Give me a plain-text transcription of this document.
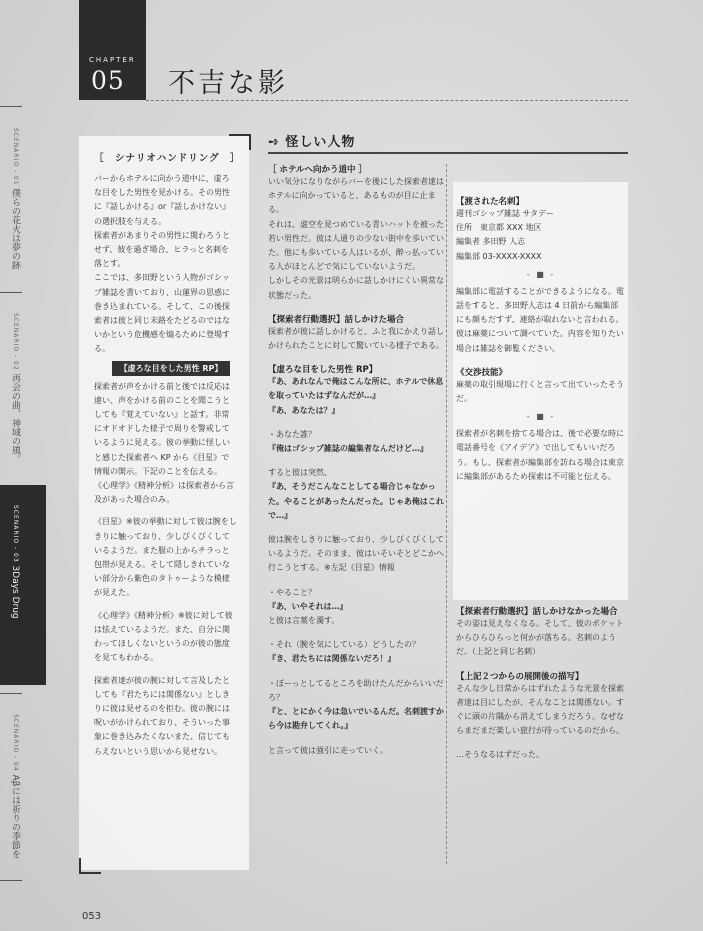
CHAPTER
05 不吉な影
SCENARIO - 01 僕らの花火は夢の跡
SCENARIO - 02 再会の曲、神域の風。
SCENARIO - 03 3Days Drug
SCENARIO - 04 Aβには祈りの季節を
［　シナリオハンドリング　］

バーからホテルに向かう道中に、虚ろな目をした男性を見かける。その男性に『話しかける』or『話しかけない』の選択肢を与える。

探索者があまりその男性に関わろうとせず、彼を過ぎ場合、ヒラっと名刺を落とす。

ここでは、多田野という人物がゴシップ雑誌を書いており、山蓮界の思惑に巻き込まれている。そして、この後探索者は彼と同じ末路をたどるのではないかという危機感を煽るために登場する。

【虚ろな目をした男性 RP】

探索者が声をかける前と後では反応は違い、声をかける前のことを聞こうとしても『覚えていない』と話す。非常にオドオドした様子で周りを警戒しているように見える。彼の挙動に怪しいと感じた探索者へ KP から《目星》で情報の開示。下記のことを伝える。

《心理学》《精神分析》は探索者から言及があった場合のみ。

《目星》※彼の挙動に対して彼は腕をしきりに触っており、少しびくびくしているようだ。また服の上からチラっと包帯が見える。そして隠しきれていない部分から紫色のタトゥーような模様が見えた。

《心理学》《精神分析》※彼に対して彼は怯えているようだ。また、自分に関わってほしくないというのが彼の態度を見てもわかる。

探索者達が彼の腕に対して言及したとしても『君たちには関係ない』としきりに彼は見せるのを拒む。彼の腕には呪いがかけられており、そういった事象に巻き込みたくないまた、信じてもらえないという思いから見せない。

➺ 怪しい人物
［ ホテルへ向かう道中 ］

いい気分になりながらバーを後にした探索者達はホテルに向かっていると、あるものが目に止まる。

それは、虚空を見つめている青いハットを被った若い男性だ。彼は人通りの少ない街中を歩いていた。他にも歩いている人はいるが、酔っ払っている人がほとんどで気にしていないようだ。

しかしその光景は明らかに話しかけにくい異常な状態だった。

【探索者行動選択】話しかけた場合

探索者が彼に話しかけると、ふと我にかえり話しかけられたことに対して驚いている様子である。

【虚ろな目をした男性 RP】

『あ、あれなんで俺はこんな所に、ホテルで休息を取っていたはずなんだが…』

『あ、あなたは？』

・あなた誰？

『俺はゴシップ雑誌の編集者なんだけど…』

すると彼は突然、

『あ、そうだこんなことしてる場合じゃなかった。やることがあったんだった。じゃあ俺はこれで…』

彼は腕をしきりに触っており、少しびくびくしているようだ。そのまま、彼はいそいそとどこかへ行こうとする。※左記《目星》情報

・やること？

『あ、いやそれは…』

と彼は言葉を濁す。

・それ（腕を気にしている）どうしたの？

『き、君たちには関係ないだろ！』

・ぼーっとしてるところを助けたんだからいいだろ？

『と、とにかく今は急いでいるんだ。名刺渡すから今は勘弁してくれ。』

と言って彼は強引に走っていく。

【渡された名刺】

週刊ゴシップ雑誌 サタデー

住所　東京都 XXX 地区

編集者 多田野 人志

編集部 03-XXXX-XXXX

- ■ -

編集部に電話することができるようになる。電話をすると、多田野人志は 4 日前から編集部にも顔もだすず、連絡が取れないと言われる。

彼は麻薬について調べていた。内容を知りたい場合は雑誌を御覧ください。

《交渉技能》

麻薬の取引現場に行くと言って出ていったそうだ。

- ■ -

探索者が名刺を捨てる場合は、後で必要な時に電話番号を《アイデア》で出してもいいだろう。もし、探索者が編集部を訪ねる場合は東京に編集部があるため探索は不可能と伝える。

【探索者行動選択】話しかけなかった場合

その姿は見えなくなる。そして、彼のポケットからひらひらっと何かが落ちる。名刺のようだ。（上記と同じ名刺）

【上記２つからの展開後の描写】

そんな少し日常からはずれたような光景を探索者達は目にしたが、そんなことは関係ない。すぐに頭の片隅から消えてしまうだろう。なぜならまだまだ楽しい旅行が待っているのだから。

…そうなるはずだった。

053
